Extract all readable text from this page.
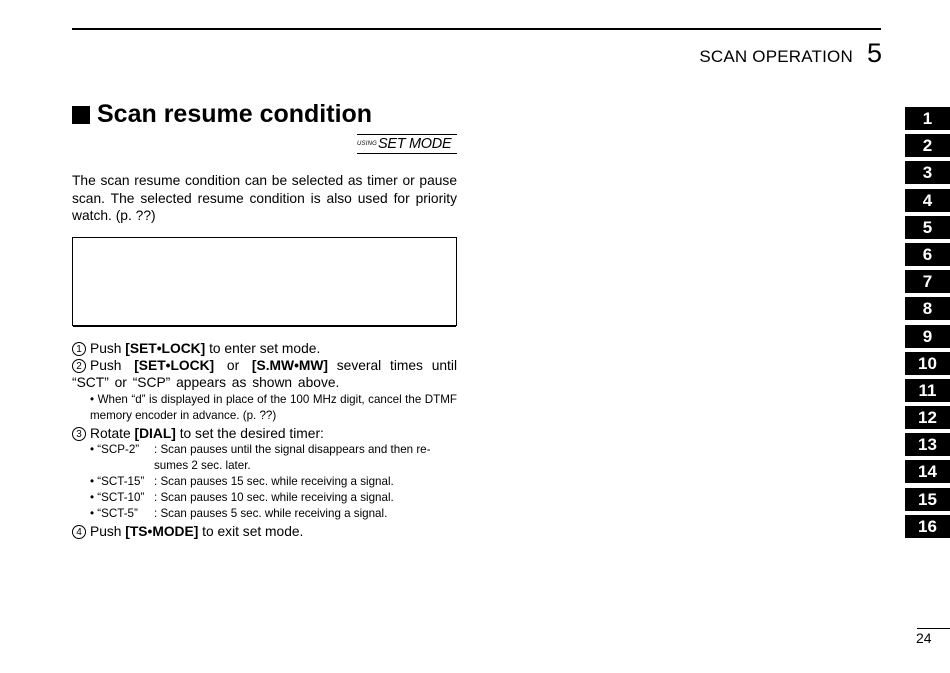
SCAN OPERATION 5
Scan resume condition
USING SET MODE
The scan resume condition can be selected as timer or pause scan. The selected resume condition is also used for priority watch. (p. ??)
1 Push [SET•LOCK] to enter set mode.
2 Push [SET•LOCK] or [S.MW•MW] several times until “SCT” or “SCP” appears as shown above.
• When “d” is displayed in place of the 100 MHz digit, cancel the DTMF memory encoder in advance. (p. ??)
3 Rotate [DIAL] to set the desired timer:
• “SCP-2”	: Scan pauses until the signal disappears and then re-sumes 2 sec. later.
• “SCT-15” : Scan pauses 15 sec. while receiving a signal.
• “SCT-10” : Scan pauses 10 sec. while receiving a signal.
• “SCT-5”	: Scan pauses 5 sec. while receiving a signal.
4 Push [TS•MODE] to exit set mode.
1
2
3
4
5
6
7
8
9
10
11
12
13
14
15
16
24
